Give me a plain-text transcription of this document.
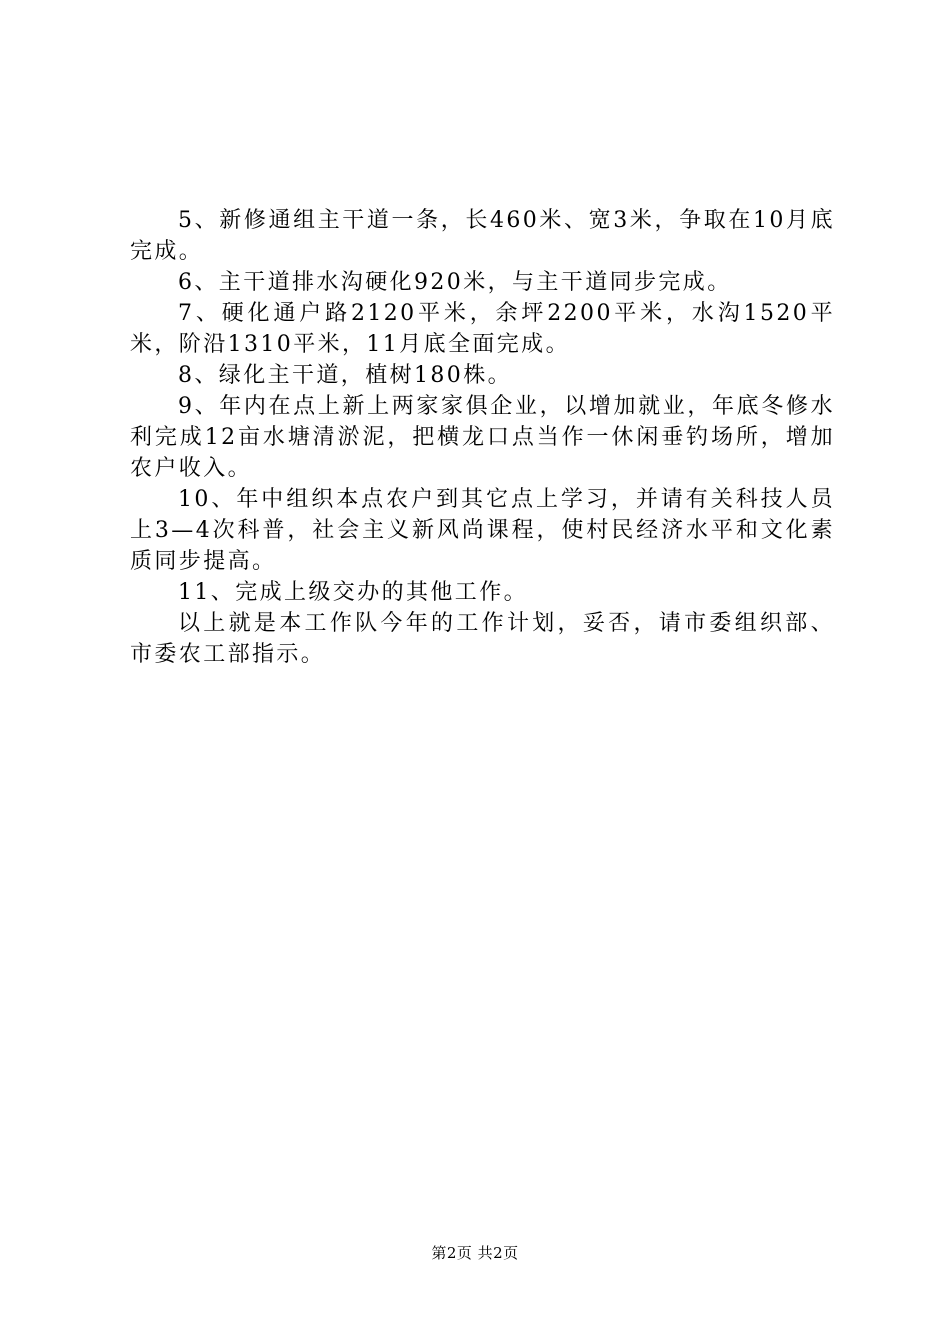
5、新修通组主干道一条，长460米、宽3米，争取在10月底完成。

6、主干道排水沟硬化920米，与主干道同步完成。

7、硬化通户路2120平米，余坪2200平米，水沟1520平米，阶沿1310平米，11月底全面完成。

8、绿化主干道，植树180株。

9、年内在点上新上两家家俱企业，以增加就业，年底冬修水利完成12亩水塘清淤泥，把横龙口点当作一休闲垂钓场所，增加农户收入。

10、年中组织本点农户到其它点上学习，并请有关科技人员上3—4次科普，社会主义新风尚课程，使村民经济水平和文化素质同步提高。

11、完成上级交办的其他工作。

以上就是本工作队今年的工作计划，妥否，请市委组织部、市委农工部指示。

第2页 共2页
